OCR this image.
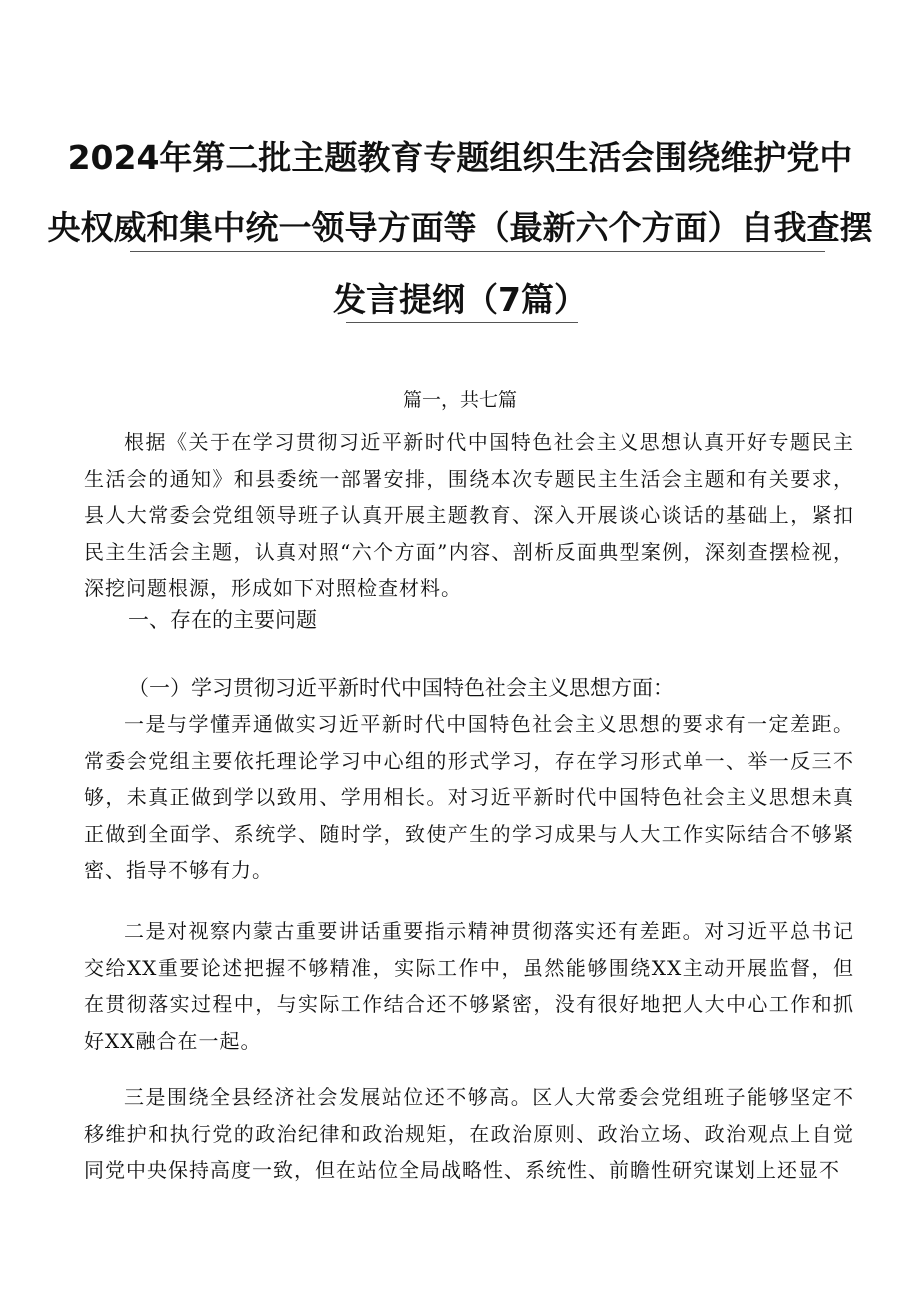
2024年第二批主题教育专题组织生活会围绕维护党中
央权威和集中统一领导方面等（最新六个方面）自我查摆
发言提纲（7篇）
篇一，共七篇
根据《关于在学习贯彻习近平新时代中国特色社会主义思想认真开好专题民主生活会的通知》和县委统一部署安排，围绕本次专题民主生活会主题和有关要求，县人大常委会党组领导班子认真开展主题教育、深入开展谈心谈话的基础上，紧扣民主生活会主题，认真对照“六个方面”内容、剖析反面典型案例，深刻查摆检视，深挖问题根源，形成如下对照检查材料。
一、存在的主要问题
（一）学习贯彻习近平新时代中国特色社会主义思想方面：
一是与学懂弄通做实习近平新时代中国特色社会主义思想的要求有一定差距。常委会党组主要依托理论学习中心组的形式学习，存在学习形式单一、举一反三不够，未真正做到学以致用、学用相长。对习近平新时代中国特色社会主义思想未真正做到全面学、系统学、随时学，致使产生的学习成果与人大工作实际结合不够紧密、指导不够有力。
二是对视察内蒙古重要讲话重要指示精神贯彻落实还有差距。对习近平总书记交给XX重要论述把握不够精准，实际工作中，虽然能够围绕XX主动开展监督，但在贯彻落实过程中，与实际工作结合还不够紧密，没有很好地把人大中心工作和抓好XX融合在一起。
三是围绕全县经济社会发展站位还不够高。区人大常委会党组班子能够坚定不移维护和执行党的政治纪律和政治规矩，在政治原则、政治立场、政治观点上自觉同党中央保持高度一致，但在站位全局战略性、系统性、前瞻性研究谋划上还显不
